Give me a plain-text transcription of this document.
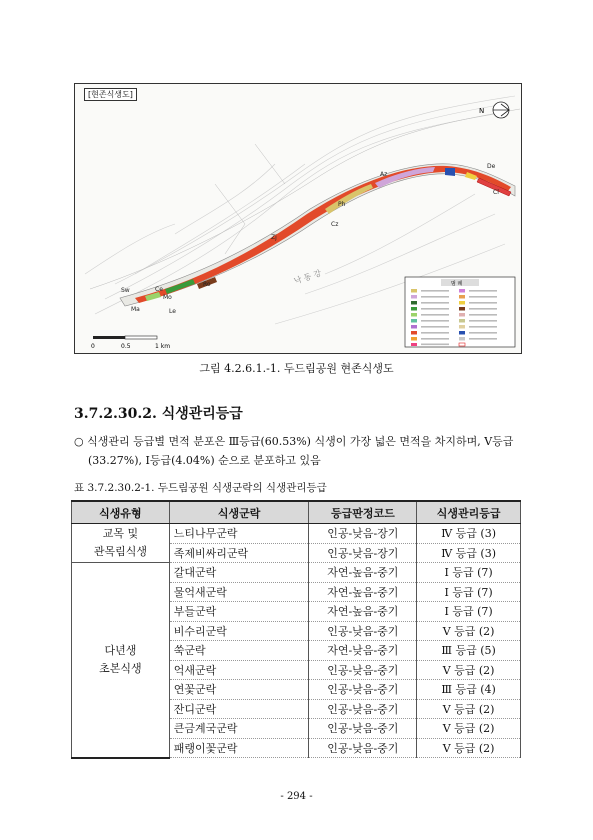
[현존식생도]
De
Cl
Cz
Ma	Le
Az
Ph
Zj
Sw
Ro
Mo
Ce
낙 동 강
N
0	0.5	1 km
범 례
그림 4.2.6.1.-1. 두드림공원 현존식생도
3.7.2.30.2. 식생관리등급
○ 식생관리 등급별 면적 분포은 Ⅲ등급(60.53%) 식생이 가장 넓은 면적을 차지하며, Ⅴ등급
(33.27%), Ⅰ등급(4.04%) 순으로 분포하고 있음
표 3.7.2.30.2-1. 두드림공원 식생군락의 식생관리등급
식생유형	식생군락	등급판정코드	식생관리등급

교목 및
관목림식생	느티나무군락	인공-낮음-장기	Ⅳ 등급 (3)
	족제비싸리군락	인공-낮음-장기	Ⅳ 등급 (3)

다년생
초본식생	갈대군락	자연-높음-중기	Ⅰ 등급 (7)
	물억새군락	자연-높음-중기	Ⅰ 등급 (7)
	부들군락	자연-높음-중기	Ⅰ 등급 (7)
	비수리군락	인공-낮음-중기	Ⅴ 등급 (2)
	쑥군락	자연-낮음-중기	Ⅲ 등급 (5)
	억새군락	인공-낮음-중기	Ⅴ 등급 (2)
	연꽃군락	인공-낮음-중기	Ⅲ 등급 (4)
	잔디군락	인공-낮음-중기	Ⅴ 등급 (2)
	큰금계국군락	인공-낮음-중기	Ⅴ 등급 (2)
	패랭이꽃군락	인공-낮음-중기	Ⅴ 등급 (2)
- 294 -
